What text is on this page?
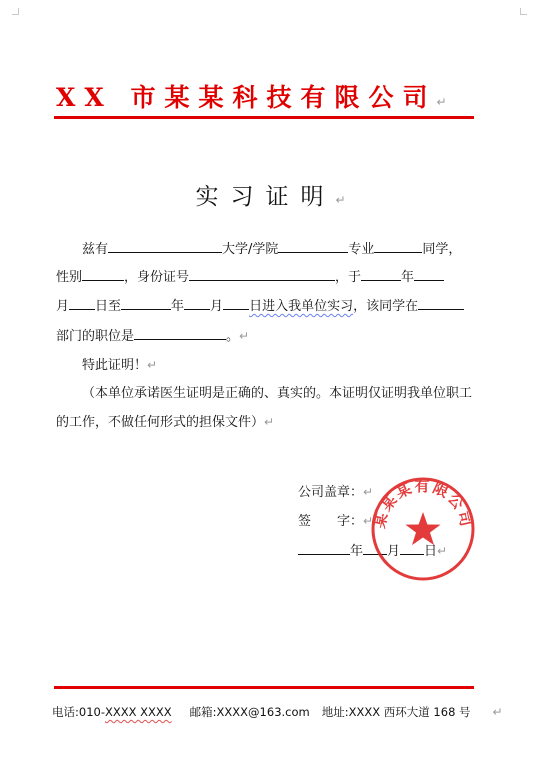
XX 市某某科技有限公司↵
实习证明↵
兹有	大学/学院	专业	同学，
性别	，身份证号	，于	年
月 日至	年 月 日进入我单位实习，该同学在
部门的职位是	。↵
特此证明！↵
（本单位承诺医生证明是正确的、真实的。本证明仅证明我单位职工
的工作，不做任何形式的担保文件）↵
公司盖章：↵
签　　字：↵
年 月 日↵
某某某有限公司
电话:010-XXXX XXXX 邮箱:XXXX@163.com 地址:XXXX 西环大道 168 号 ↵
